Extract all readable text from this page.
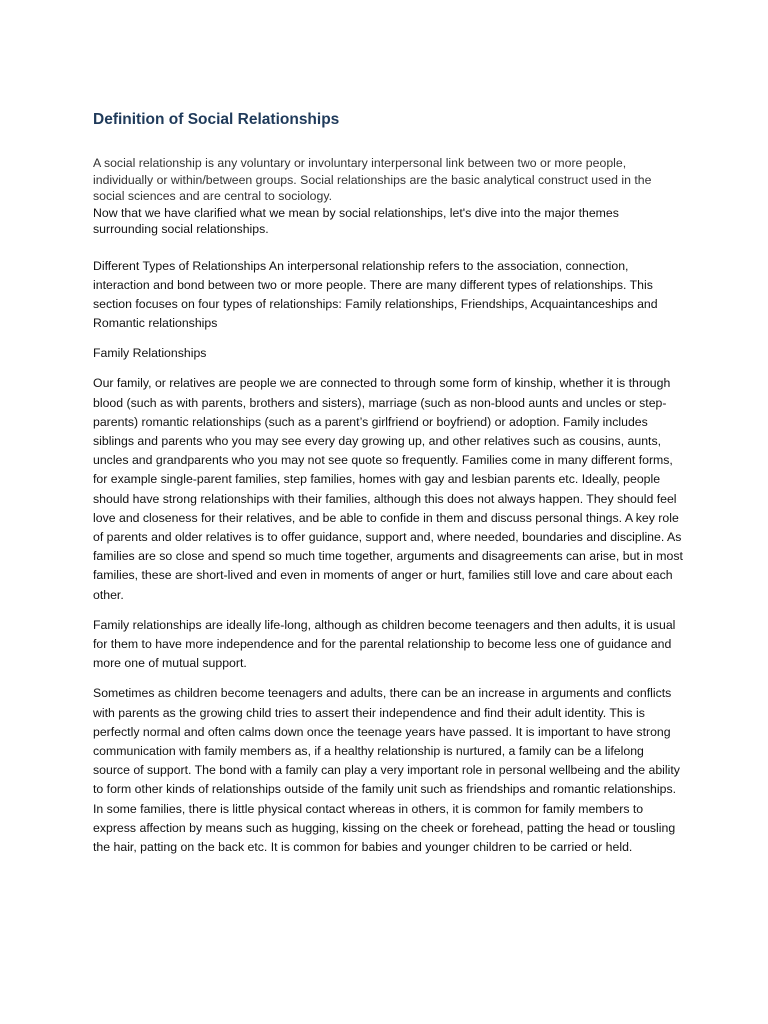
Definition of Social Relationships

A social relationship is any voluntary or involuntary interpersonal link between two or more people, individually or within/between groups. Social relationships are the basic analytical construct used in the social sciences and are central to sociology.

Now that we have clarified what we mean by social relationships, let's dive into the major themes surrounding social relationships.

Different Types of Relationships An interpersonal relationship refers to the association, connection, interaction and bond between two or more people. There are many different types of relationships. This section focuses on four types of relationships: Family relationships, Friendships, Acquaintanceships and Romantic relationships

Family Relationships

Our family, or relatives are people we are connected to through some form of kinship, whether it is through blood (such as with parents, brothers and sisters), marriage (such as non-blood aunts and uncles or step-parents) romantic relationships (such as a parent’s girlfriend or boyfriend) or adoption. Family includes siblings and parents who you may see every day growing up, and other relatives such as cousins, aunts, uncles and grandparents who you may not see quote so frequently. Families come in many different forms, for example single-parent families, step families, homes with gay and lesbian parents etc. Ideally, people should have strong relationships with their families, although this does not always happen. They should feel love and closeness for their relatives, and be able to confide in them and discuss personal things. A key role of parents and older relatives is to offer guidance, support and, where needed, boundaries and discipline. As families are so close and spend so much time together, arguments and disagreements can arise, but in most families, these are short-lived and even in moments of anger or hurt, families still love and care about each other.

Family relationships are ideally life-long, although as children become teenagers and then adults, it is usual for them to have more independence and for the parental relationship to become less one of guidance and more one of mutual support.

Sometimes as children become teenagers and adults, there can be an increase in arguments and conflicts with parents as the growing child tries to assert their independence and find their adult identity. This is perfectly normal and often calms down once the teenage years have passed. It is important to have strong communication with family members as, if a healthy relationship is nurtured, a family can be a lifelong source of support. The bond with a family can play a very important role in personal wellbeing and the ability to form other kinds of relationships outside of the family unit such as friendships and romantic relationships. In some families, there is little physical contact whereas in others, it is common for family members to express affection by means such as hugging, kissing on the cheek or forehead, patting the head or tousling the hair, patting on the back etc. It is common for babies and younger children to be carried or held.
